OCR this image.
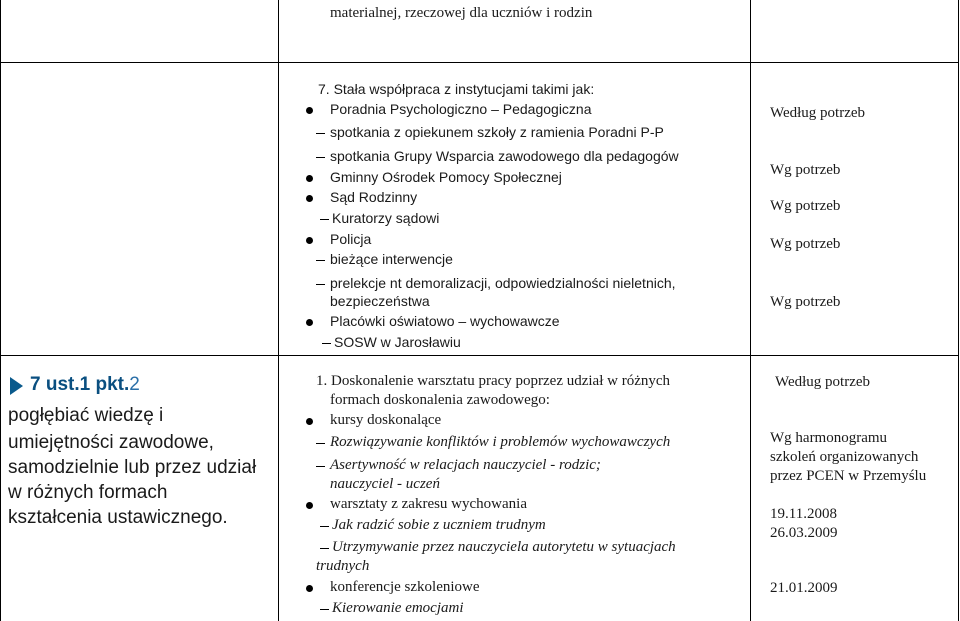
materialnej, rzeczowej dla uczniów i rodzin
7. Stała współpraca z instytucjami takimi jak:
Poradnia Psychologiczno – Pedagogiczna
spotkania z opiekunem szkoły z ramienia Poradni P-P
spotkania Grupy Wsparcia zawodowego dla pedagogów
Gminny Ośrodek Pomocy Społecznej
Sąd Rodzinny
Kuratorzy sądowi
Policja
bieżące interwencje
prelekcje nt demoralizacji, odpowiedzialności nieletnich,
bezpieczeństwa
Placówki oświatowo – wychowawcze
SOSW w Jarosławiu
Według potrzeb
Wg potrzeb
Wg potrzeb
Wg potrzeb
Wg potrzeb
7 ust.1 pkt.2
pogłębiać wiedzę i
umiejętności zawodowe,
samodzielnie lub przez udział
w różnych formach
kształcenia ustawicznego.
1. Doskonalenie warsztatu pracy poprzez udział w różnych
formach doskonalenia zawodowego:
kursy doskonalące
Rozwiązywanie konfliktów i problemów wychowawczych
Asertywność w relacjach nauczyciel - rodzic;
nauczyciel - uczeń
warsztaty z zakresu wychowania
Jak radzić sobie z uczniem trudnym
Utrzymywanie przez nauczyciela autorytetu w sytuacjach
trudnych
konferencje szkoleniowe
Kierowanie emocjami
Według potrzeb
Wg harmonogramu
szkoleń organizowanych
przez PCEN w Przemyślu
19.11.2008
26.03.2009
21.01.2009
